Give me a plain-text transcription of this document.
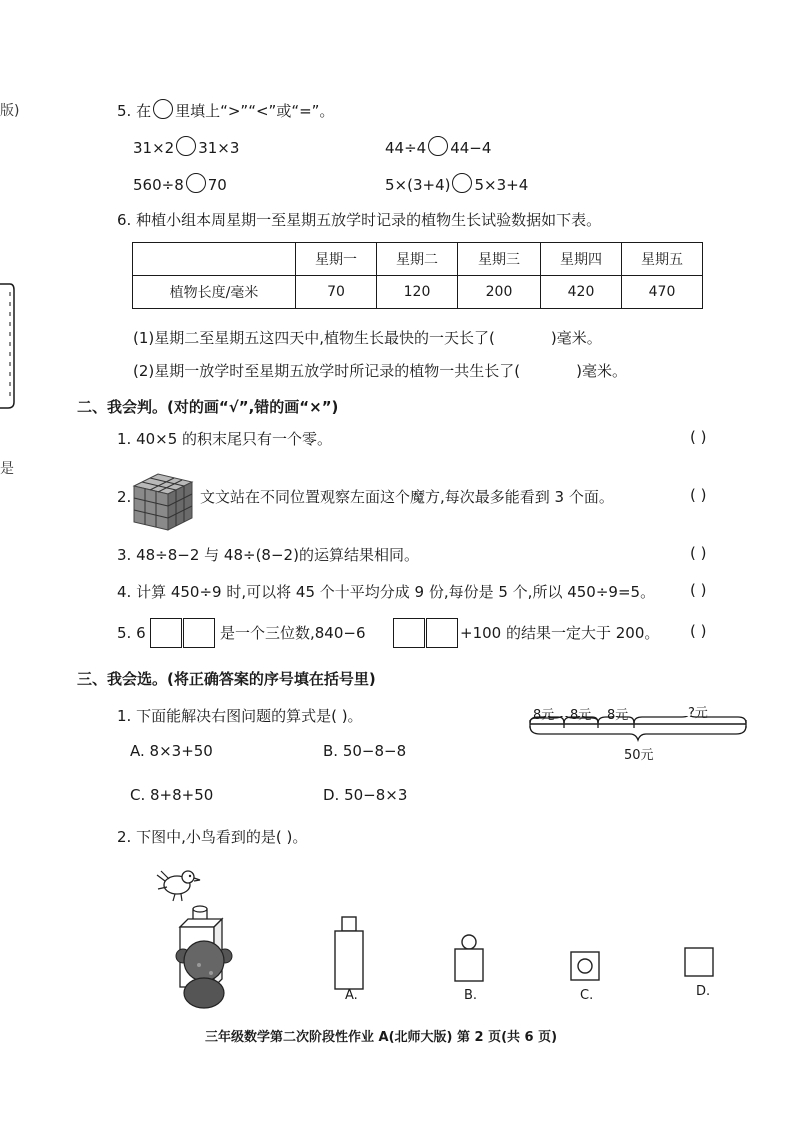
版)
是
5. 在 里填上“>”“<”或“=”。
31×2 31×3	44÷4 44−4
560÷8 70	5×(3+4) 5×3+4
6. 种植小组本周星期一至星期五放学时记录的植物生长试验数据如下表。
	星期一	星期二	星期三	星期四	星期五
植物长度/毫米	70	120	200	420	470
(1)星期二至星期五这四天中,植物生长最快的一天长了(	)毫米。
(2)星期一放学时至星期五放学时所记录的植物一共生长了(	)毫米。
二、我会判。(对的画“√”,错的画“×”)
1. 40×5 的积末尾只有一个零。	( )
2.	文文站在不同位置观察左面这个魔方,每次最多能看到 3 个面。	( )
3. 48÷8−2 与 48÷(8−2)的运算结果相同。	( )
4. 计算 450÷9 时,可以将 45 个十平均分成 9 份,每份是 5 个,所以 450÷9=5。 ( )
5. 6	是一个三位数,840−6	+100 的结果一定大于 200。 ( )
三、我会选。(将正确答案的序号填在括号里)
1. 下面能解决右图问题的算式是( )。
A. 8×3+50	B. 50−8−8
C. 8+8+50	D. 50−8×3
8元 8元 8元	?元
50元
2. 下图中,小鸟看到的是( )。
A.	B.	C.	D.
三年级数学第二次阶段性作业 A(北师大版) 第 2 页(共 6 页)
